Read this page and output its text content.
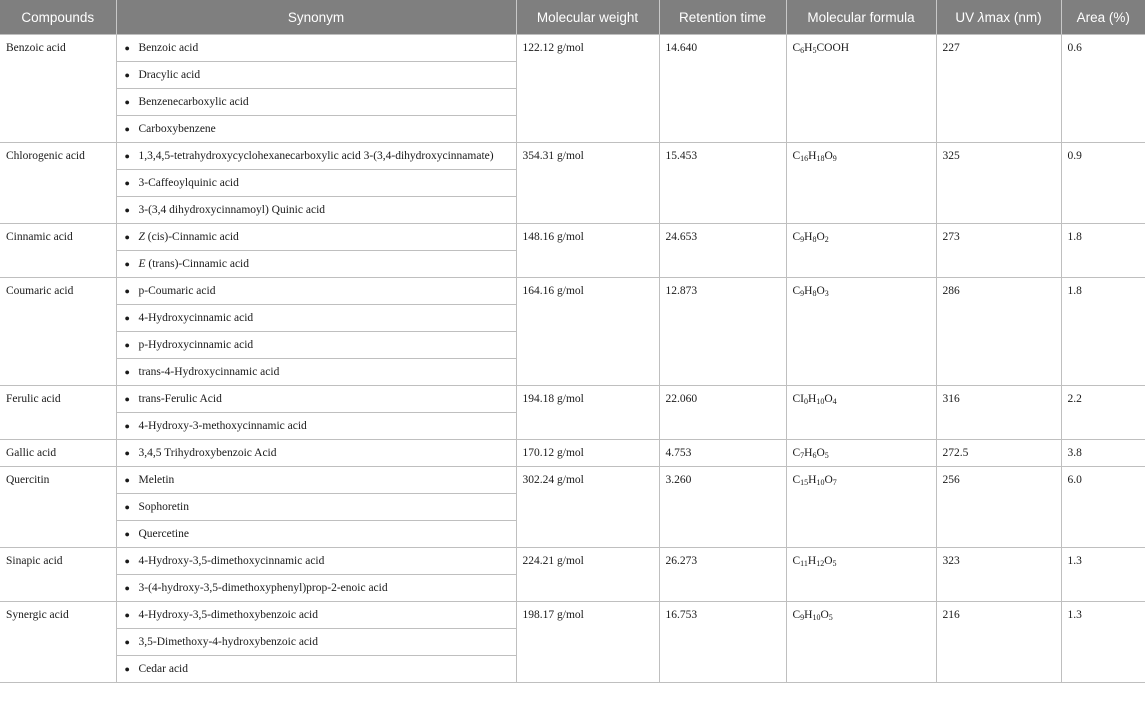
Compounds	Synonym	Molecular weight	Retention time	Molecular formula	UV λmax (nm)	Area (%)
Benzoic acid	● Benzoic acid	122.12 g/mol	14.640	$C_6H_5COOH$	227	0.6
	● Dracylic acid					
	● Benzenecarboxylic acid					
	● Carboxybenzene					
Chlorogenic acid	● 1,3,4,5-tetrahydroxycyclohexanecarboxylic acid 3-(3,4-dihydroxycinnamate)	354.31 g/mol	15.453	$C_{16}H_{18}O_9$	325	0.9
	● 3-Caffeoylquinic acid					
	● 3-(3,4 dihydroxycinnamoyl) Quinic acid					
Cinnamic acid	● Z (cis)-Cinnamic acid	148.16 g/mol	24.653	$C_9H_8O_2$	273	1.8
	● E (trans)-Cinnamic acid					
Coumaric acid	● p-Coumaric acid	164.16 g/mol	12.873	$C_9H_8O_3$	286	1.8
	● 4-Hydroxycinnamic acid					
	● p-Hydroxycinnamic acid					
	● trans-4-Hydroxycinnamic acid					
Ferulic acid	● trans-Ferulic Acid	194.18 g/mol	22.060	$CI_0H_{10}O_4$	316	2.2
	● 4-Hydroxy-3-methoxycinnamic acid					
Gallic acid	● 3,4,5 Trihydroxybenzoic Acid	170.12 g/mol	4.753	$C_7H_6O_5$	272.5	3.8
Quercitin	● Meletin	302.24 g/mol	3.260	$C_{15}H_{10}O_7$	256	6.0
	● Sophoretin					
	● Quercetine					
Sinapic acid	● 4-Hydroxy-3,5-dimethoxycinnamic acid	224.21 g/mol	26.273	$C_{11}H_{12}O_5$	323	1.3
	● 3-(4-hydroxy-3,5-dimethoxyphenyl)prop-2-enoic acid					
Synergic acid	● 4-Hydroxy-3,5-dimethoxybenzoic acid	198.17 g/mol	16.753	$C_9H_{10}O_5$	216	1.3
	● 3,5-Dimethoxy-4-hydroxybenzoic acid					
	● Cedar acid					
